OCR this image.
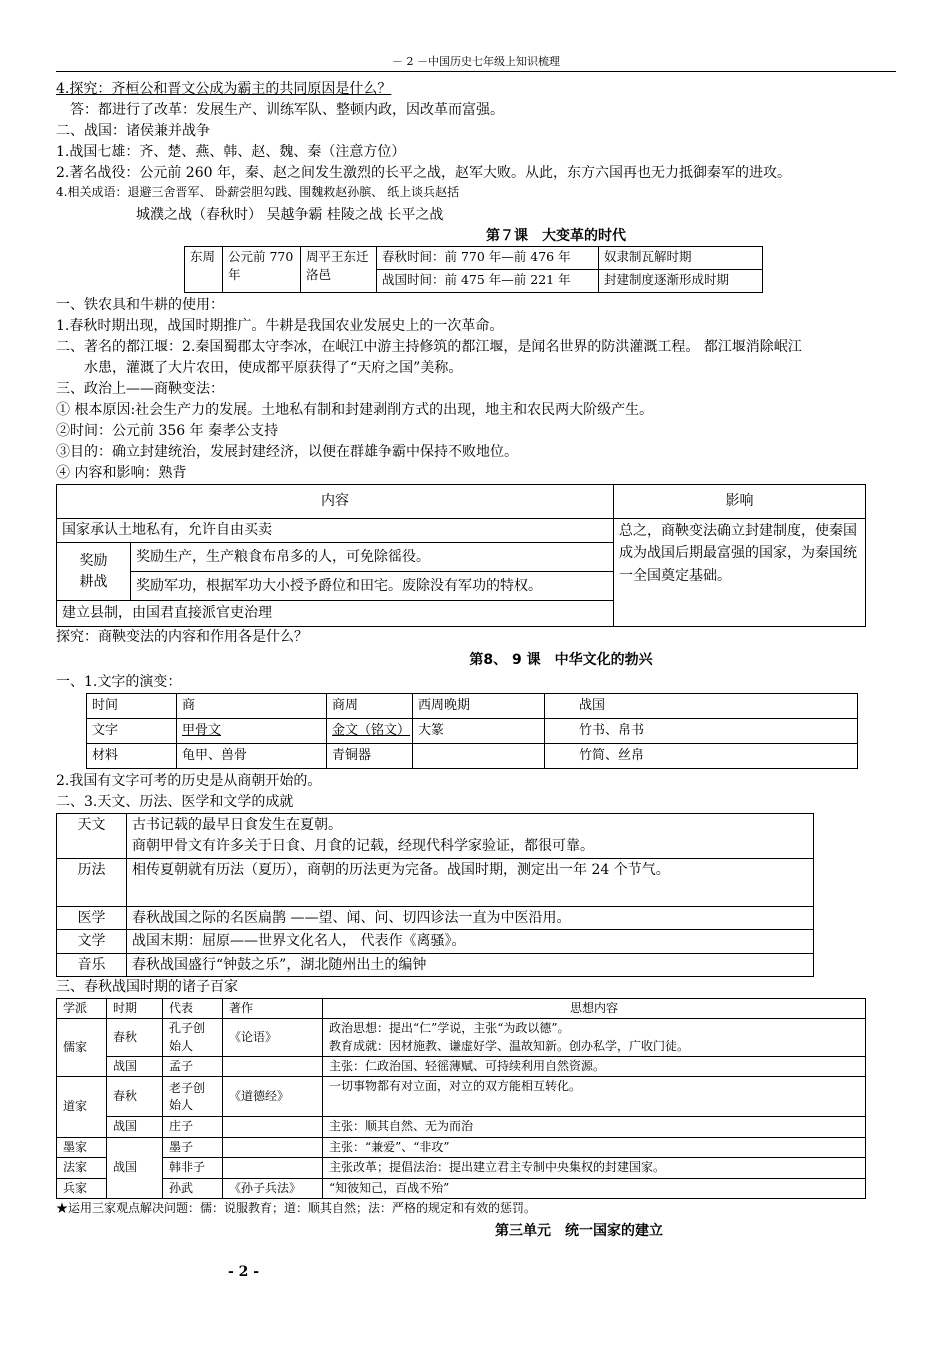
－ 2 －中国历史七年级上知识梳理
4.探究：齐桓公和晋文公成为霸主的共同原因是什么？
答：都进行了改革：发展生产、训练军队、整顿内政，因改革而富强。
二、战国：诸侯兼并战争
1.战国七雄：齐、楚、燕、韩、赵、魏、秦（注意方位）
2.著名战役：公元前 260 年，秦、赵之间发生激烈的长平之战，赵军大败。从此，东方六国再也无力抵御秦军的进攻。
4.相关成语：退避三舍晋军、 卧薪尝胆勾践、围魏救赵孙膑、 纸上谈兵赵括
城濮之战（春秋时） 吴越争霸 桂陵之战 长平之战
第７课　大变革的时代
东周	公元前 770 年	周平王东迁洛邑	春秋时间：前 770 年—前 476 年	奴隶制瓦解时期
			战国时间：前 475 年—前 221 年	封建制度逐渐形成时期
一、铁农具和牛耕的使用：
1.春秋时期出现，战国时期推广。牛耕是我国农业发展史上的一次革命。
二、著名的都江堰：2.秦国蜀郡太守李冰，在岷江中游主持修筑的都江堰，是闻名世界的防洪灌溉工程。 都江堰消除岷江
水患，灌溉了大片农田，使成都平原获得了“天府之国”美称。
三、政治上——商鞅变法：
① 根本原因:社会生产力的发展。土地私有制和封建剥削方式的出现，地主和农民两大阶级产生。
②时间：公元前 356 年 秦孝公支持
③目的：确立封建统治，发展封建经济，以便在群雄争霸中保持不败地位。
④ 内容和影响：熟背
内容		影响
国家承认土地私有，允许自由买卖		总之，商鞅变法确立封建制度，使秦国成为战国后期最富强的国家，为秦国统一全国奠定基础。
奖励耕战	奖励生产，生产粮食布帛多的人，可免除徭役。	
	奖励军功，根据军功大小授予爵位和田宅。废除没有军功的特权。	
建立县制，由国君直接派官吏治理		
探究：商鞅变法的内容和作用各是什么？
第8、 9 课　中华文化的勃兴
一、1.文字的演变：
时间	商	商周	西周晚期	战国
文字	甲骨文	金文（铭文）	大篆	竹书、帛书
材料	龟甲、兽骨	青铜器		竹简、丝帛
2.我国有文字可考的历史是从商朝开始的。
二、3.天文、历法、医学和文学的成就
天文	古书记载的最早日食发生在夏朝。
商朝甲骨文有许多关于日食、月食的记载，经现代科学家验证，都很可靠。

历法	相传夏朝就有历法（夏历），商朝的历法更为完备。战国时期，测定出一年 24 个节气。
医学	春秋战国之际的名医扁鹊 ——望、闻、问、切四诊法一直为中医沿用。
文学	战国末期：屈原——世界文化名人， 代表作《离骚》。
音乐	春秋战国盛行“钟鼓之乐”，湖北随州出土的编钟
三、春秋战国时期的诸子百家
学派	时期	代表	著作	思想内容
儒家	春秋	孔子创始人	《论语》	政治思想：提出“仁”学说，主张“为政以德”。
教育成就：因材施教、谦虚好学、温故知新。创办私学，广收门徒。

	战国	孟子		主张：仁政治国、轻徭薄赋、可持续利用自然资源。
道家	春秋	老子创始人	《道德经》	一切事物都有对立面，对立的双方能相互转化。
	战国	庄子		主张：顺其自然、无为而治
墨家	战国	墨子		主张：“兼爱”、“非攻”
法家		韩非子		主张改革；提倡法治：提出建立君主专制中央集权的封建国家。
兵家		孙武	《孙子兵法》	“知彼知己，百战不殆”
★运用三家观点解决问题：儒：说服教育；道：顺其自然；法：严格的规定和有效的惩罚。
第三单元　统一国家的建立
- 2 -
